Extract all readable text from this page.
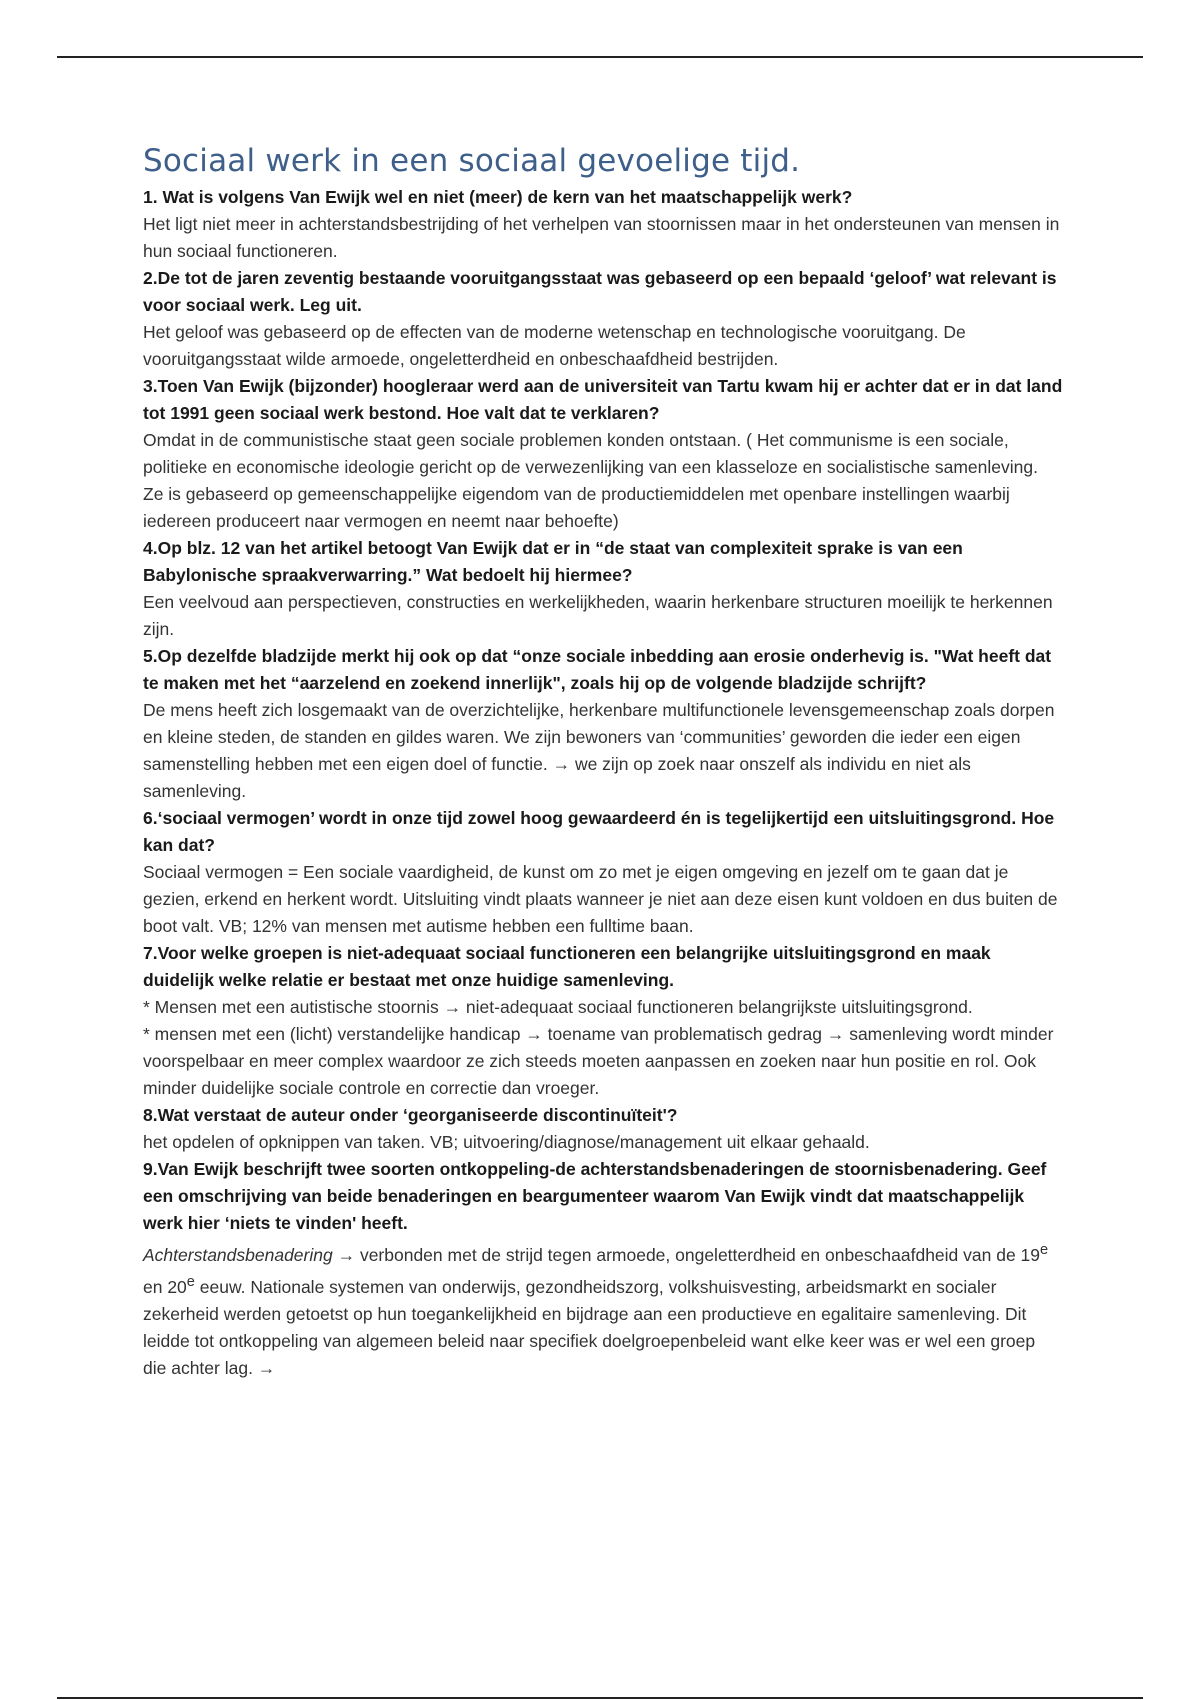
Sociaal werk in een sociaal gevoelige tijd.

1. Wat is volgens Van Ewijk wel en niet (meer) de kern van het maatschappelijk werk?

Het ligt niet meer in achterstandsbestrijding of het verhelpen van stoornissen maar in het ondersteunen van mensen in hun sociaal functioneren.

2.De tot de jaren zeventig bestaande vooruitgangsstaat was gebaseerd op een bepaald ‘geloof’ wat relevant is voor sociaal werk. Leg uit.

Het geloof was gebaseerd op de effecten van de moderne wetenschap en technologische vooruitgang. De vooruitgangsstaat wilde armoede, ongeletterdheid en onbeschaafdheid bestrijden.

3.Toen Van Ewijk (bijzonder) hoogleraar werd aan de universiteit van Tartu kwam hij er achter dat er in dat land tot 1991 geen sociaal werk bestond. Hoe valt dat te verklaren?

Omdat in de communistische staat geen sociale problemen konden ontstaan. ( Het communisme is een sociale, politieke en economische ideologie gericht op de verwezenlijking van een klasseloze en socialistische samenleving. Ze is gebaseerd op gemeenschappelijke eigendom van de productiemiddelen met openbare instellingen waarbij iedereen produceert naar vermogen en neemt naar behoefte)

4.Op blz. 12 van het artikel betoogt Van Ewijk dat er in “de staat van complexiteit sprake is van een Babylonische spraakverwarring.” Wat bedoelt hij hiermee?

Een veelvoud aan perspectieven, constructies en werkelijkheden, waarin herkenbare structuren moeilijk te herkennen zijn.

5.Op dezelfde bladzijde merkt hij ook op dat “onze sociale inbedding aan erosie onderhevig is. "Wat heeft dat te maken met het “aarzelend en zoekend innerlijk", zoals hij op de volgende bladzijde schrijft?

De mens heeft zich losgemaakt van de overzichtelijke, herkenbare multifunctionele levensgemeenschap zoals dorpen en kleine steden, de standen en gildes waren. We zijn bewoners van ‘communities’ geworden die ieder een eigen samenstelling hebben met een eigen doel of functie. → we zijn op zoek naar onszelf als individu en niet als samenleving.

6.‘sociaal vermogen’ wordt in onze tijd zowel hoog gewaardeerd én is tegelijkertijd een uitsluitingsgrond. Hoe kan dat?

Sociaal vermogen = Een sociale vaardigheid, de kunst om zo met je eigen omgeving en jezelf om te gaan dat je gezien, erkend en herkent wordt. Uitsluiting vindt plaats wanneer je niet aan deze eisen kunt voldoen en dus buiten de boot valt. VB; 12% van mensen met autisme hebben een fulltime baan.

7.Voor welke groepen is niet-adequaat sociaal functioneren een belangrijke uitsluitingsgrond en maak duidelijk welke relatie er bestaat met onze huidige samenleving.

* Mensen met een autistische stoornis → niet-adequaat sociaal functioneren belangrijkste uitsluitingsgrond.

* mensen met een (licht) verstandelijke handicap → toename van problematisch gedrag → samenleving wordt minder voorspelbaar en meer complex waardoor ze zich steeds moeten aanpassen en zoeken naar hun positie en rol. Ook minder duidelijke sociale controle en correctie dan vroeger.

8.Wat verstaat de auteur onder ‘georganiseerde discontinuïteit'?

het opdelen of opknippen van taken. VB; uitvoering/diagnose/management uit elkaar gehaald.

9.Van Ewijk beschrijft twee soorten ontkoppeling-de achterstandsbenaderingen de stoornisbenadering. Geef een omschrijving van beide benaderingen en beargumenteer waarom Van Ewijk vindt dat maatschappelijk werk hier ‘niets te vinden' heeft.

Achterstandsbenadering → verbonden met de strijd tegen armoede, ongeletterdheid en onbeschaafdheid van de 19e en 20e eeuw. Nationale systemen van onderwijs, gezondheidszorg, volkshuisvesting, arbeidsmarkt en socialer zekerheid werden getoetst op hun toegankelijkheid en bijdrage aan een productieve en egalitaire samenleving. Dit leidde tot ontkoppeling van algemeen beleid naar specifiek doelgroepenbeleid want elke keer was er wel een groep die achter lag. →
